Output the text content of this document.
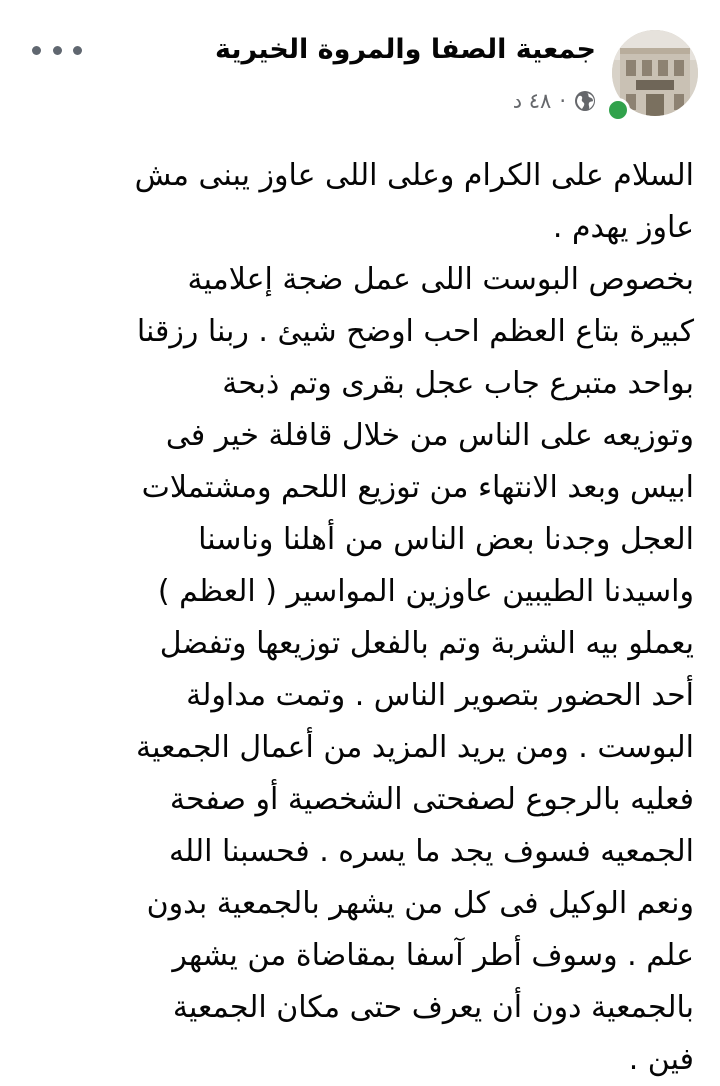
جمعية الصفا والمروة الخيرية
٤٨ د ·
السلام على الكرام وعلى اللى عاوز يبنى مش
عاوز يهدم .
بخصوص البوست اللى عمل ضجة إعلامية
كبيرة بتاع العظم احب اوضح شيئ . ربنا رزقنا
بواحد متبرع جاب عجل بقرى وتم ذبحة
وتوزيعه على الناس من خلال قافلة خير فى
ابيس وبعد الانتهاء من توزيع اللحم ومشتملات
العجل وجدنا بعض الناس من أهلنا وناسنا
واسيدنا الطيبين عاوزين المواسير ( العظم )
يعملو بيه الشربة وتم بالفعل توزيعها وتفضل
أحد الحضور بتصوير الناس . وتمت مداولة
البوست . ومن يريد المزيد من أعمال الجمعية
فعليه بالرجوع لصفحتى الشخصية أو صفحة
الجمعيه فسوف يجد ما يسره . فحسبنا الله
ونعم الوكيل فى كل من يشهر بالجمعية بدون
علم . وسوف أطر آسفا بمقاضاة من يشهر
بالجمعية دون أن يعرف حتى مكان الجمعية
فين .
